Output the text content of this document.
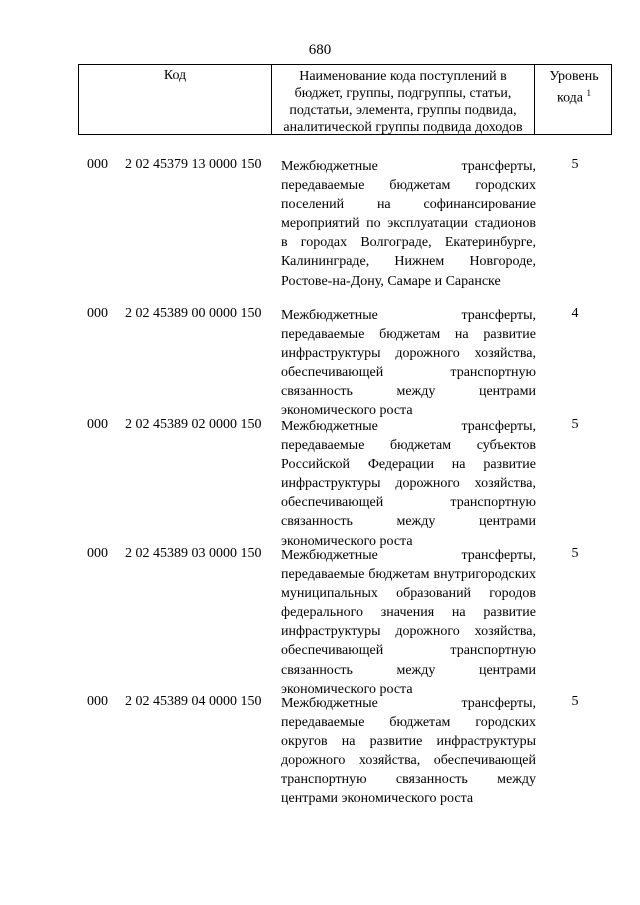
680
Код	Наименование кода поступлений в
бюджет, группы, подгруппы, статьи,
подстатьи, элемента, группы подвида,
аналитической группы подвида доходов
Уровень
кода $^1$
000 2 02 45379 13 0000 150 Межбюджетные трансферты, передаваемые бюджетам городских поселений на софинансирование мероприятий по эксплуатации стадионов в городах Волгограде, Екатеринбурге, Калининграде, Нижнем Новгороде, Ростове-на-Дону, Самаре и Саранске
5
000 2 02 45389 00 0000 150 Межбюджетные трансферты, передаваемые бюджетам на развитие инфраструктуры дорожного хозяйства, обеспечивающей транспортную связанность между центрами экономического роста
4
000 2 02 45389 02 0000 150 Межбюджетные трансферты, передаваемые бюджетам субъектов Российской Федерации на развитие инфраструктуры дорожного хозяйства, обеспечивающей транспортную связанность между центрами экономического роста
5
000 2 02 45389 03 0000 150 Межбюджетные трансферты, передаваемые бюджетам внутригородских муниципальных образований городов федерального значения на развитие инфраструктуры дорожного хозяйства, обеспечивающей транспортную связанность между центрами экономического роста
5
000 2 02 45389 04 0000 150 Межбюджетные трансферты, передаваемые бюджетам городских округов на развитие инфраструктуры дорожного хозяйства, обеспечивающей транспортную связанность между центрами экономического роста
5
